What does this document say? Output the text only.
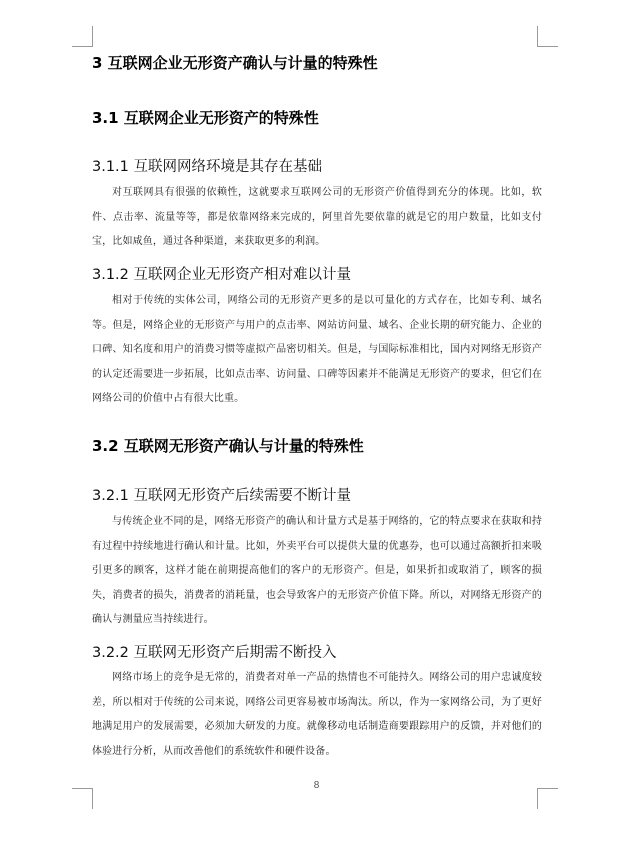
3 互联网企业无形资产确认与计量的特殊性
3.1 互联网企业无形资产的特殊性
3.1.1 互联网网络环境是其存在基础

对互联网具有很强的依赖性，这就要求互联网公司的无形资产价值得到充分的体现。比如，软件、点击率、流量等等，都是依靠网络来完成的，阿里首先要依靠的就是它的用户数量，比如支付宝，比如咸鱼，通过各种渠道，来获取更多的利润。

3.1.2 互联网企业无形资产相对难以计量

相对于传统的实体公司，网络公司的无形资产更多的是以可量化的方式存在，比如专利、域名等。但是，网络企业的无形资产与用户的点击率、网站访问量、域名、企业长期的研究能力、企业的口碑、知名度和用户的消费习惯等虚拟产品密切相关。但是，与国际标准相比，国内对网络无形资产的认定还需要进一步拓展，比如点击率、访问量、口碑等因素并不能满足无形资产的要求，但它们在网络公司的价值中占有很大比重。

3.2 互联网无形资产确认与计量的特殊性
3.2.1 互联网无形资产后续需要不断计量

与传统企业不同的是，网络无形资产的确认和计量方式是基于网络的，它的特点要求在获取和持有过程中持续地进行确认和计量。比如，外卖平台可以提供大量的优惠券，也可以通过高额折扣来吸引更多的顾客，这样才能在前期提高他们的客户的无形资产。但是，如果折扣或取消了，顾客的损失，消费者的损失，消费者的消耗量，也会导致客户的无形资产价值下降。所以，对网络无形资产的确认与测量应当持续进行。

3.2.2 互联网无形资产后期需不断投入

网络市场上的竞争是无常的，消费者对单一产品的热情也不可能持久。网络公司的用户忠诚度较差，所以相对于传统的公司来说，网络公司更容易被市场淘汰。所以，作为一家网络公司，为了更好地满足用户的发展需要，必须加大研发的力度。就像移动电话制造商要跟踪用户的反馈，并对他们的体验进行分析，从而改善他们的系统软件和硬件设备。

8
